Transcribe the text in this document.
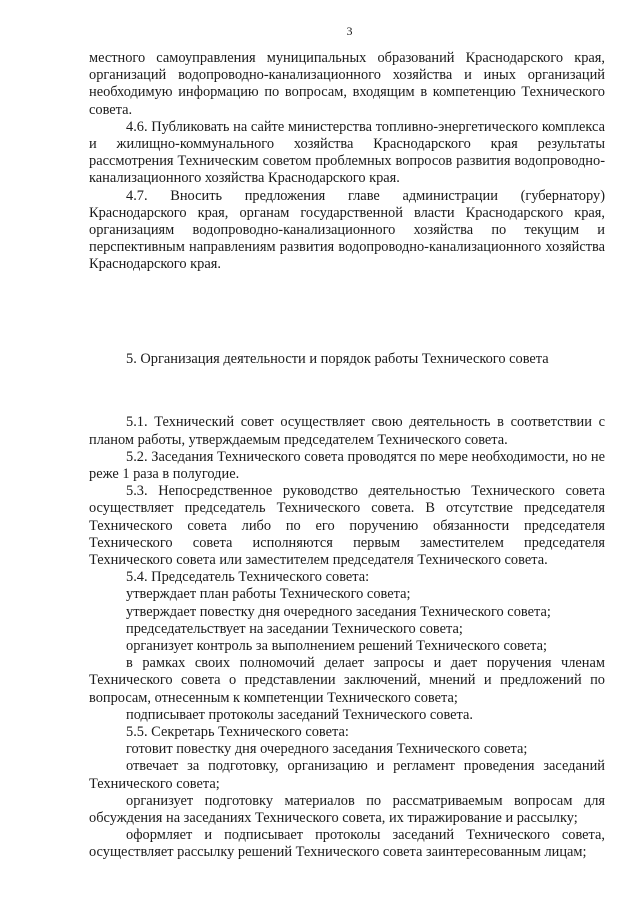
3

местного самоуправления муниципальных образований Краснодарского края, организаций водопроводно-канализационного хозяйства и иных организаций необходимую информацию по вопросам, входящим в компетенцию Технического совета.

4.6. Публиковать на сайте министерства топливно-энергетического комплекса и жилищно-коммунального хозяйства Краснодарского края результаты рассмотрения Техническим советом проблемных вопросов развития водопроводно-канализационного хозяйства Краснодарского края.

4.7. Вносить предложения главе администрации (губернатору) Краснодарского края, органам государственной власти Краснодарского края, организациям водопроводно-канализационного хозяйства по текущим и перспективным направлениям развития водопроводно-канализационного хозяйства Краснодарского края.

5. Организация деятельности и порядок работы Технического совета

5.1. Технический совет осуществляет свою деятельность в соответствии с планом работы, утверждаемым председателем Технического совета.

5.2. Заседания Технического совета проводятся по мере необходимости, но не реже 1 раза в полугодие.

5.3. Непосредственное руководство деятельностью Технического совета осуществляет председатель Технического совета. В отсутствие председателя Технического совета либо по его поручению обязанности председателя Технического совета исполняются первым заместителем председателя Технического совета или заместителем председателя Технического совета.

5.4. Председатель Технического совета:

утверждает план работы Технического совета;

утверждает повестку дня очередного заседания Технического совета;

председательствует на заседании Технического совета;

организует контроль за выполнением решений Технического совета;

в рамках своих полномочий делает запросы и дает поручения членам Технического совета о представлении заключений, мнений и предложений по вопросам, отнесенным к компетенции Технического совета;

подписывает протоколы заседаний Технического совета.

5.5. Секретарь Технического совета:

готовит повестку дня очередного заседания Технического совета;

отвечает за подготовку, организацию и регламент проведения заседаний Технического совета;

организует подготовку материалов по рассматриваемым вопросам для обсуждения на заседаниях Технического совета, их тиражирование и рассылку;

оформляет и подписывает протоколы заседаний Технического совета, осуществляет рассылку решений Технического совета заинтересованным лицам;
